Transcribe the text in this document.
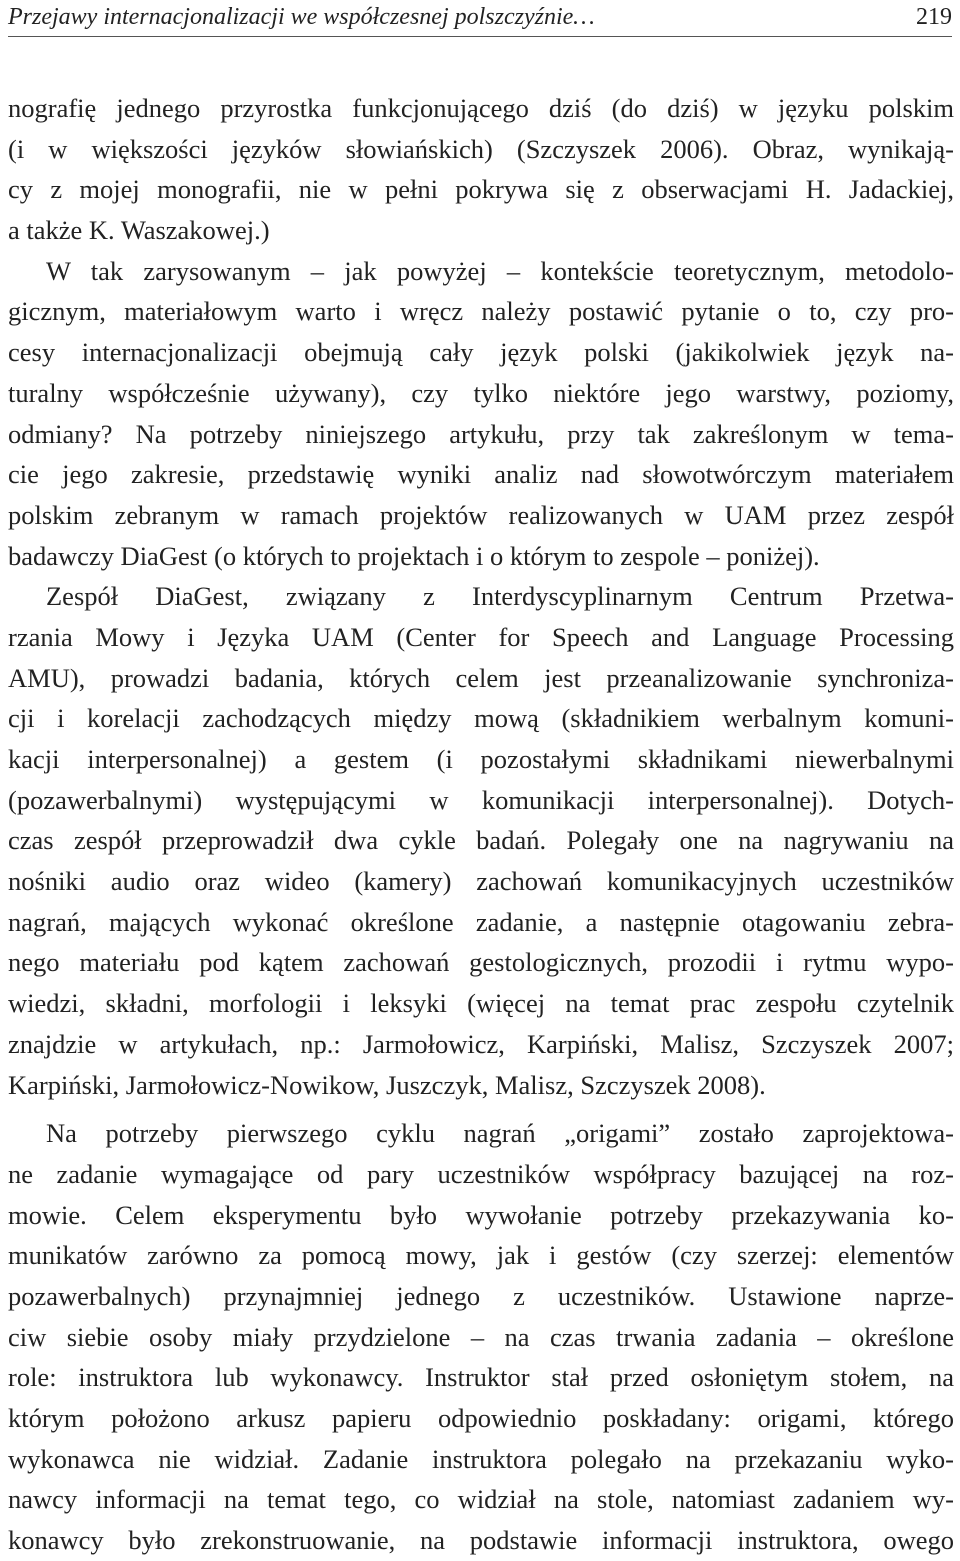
Przejawy internacjonalizacji we współczesnej polszczyźnie…	219
nografię jednego przyrostka funkcjonującego dziś (do dziś) w języku polskim
(i w większości języków słowiańskich) (Szczyszek 2006). Obraz, wynikają-
cy z mojej monografii, nie w pełni pokrywa się z obserwacjami H. Jadackiej,
a także K. Waszakowej.)
W tak zarysowanym – jak powyżej – kontekście teoretycznym, metodolo-
gicznym, materiałowym warto i wręcz należy postawić pytanie o to, czy pro-
cesy internacjonalizacji obejmują cały język polski (jakikolwiek język na-
turalny współcześnie używany), czy tylko niektóre jego warstwy, poziomy,
odmiany? Na potrzeby niniejszego artykułu, przy tak zakreślonym w tema-
cie jego zakresie, przedstawię wyniki analiz nad słowotwórczym materiałem
polskim zebranym w ramach projektów realizowanych w UAM przez zespół
badawczy DiaGest (o których to projektach i o którym to zespole – poniżej).
Zespół DiaGest, związany z Interdyscyplinarnym Centrum Przetwa-
rzania Mowy i Języka UAM (Center for Speech and Language Processing
AMU), prowadzi badania, których celem jest przeanalizowanie synchroniza-
cji i korelacji zachodzących między mową (składnikiem werbalnym komuni-
kacji interpersonalnej) a gestem (i pozostałymi składnikami niewerbalnymi
(pozawerbalnymi) występującymi w komunikacji interpersonalnej). Dotych-
czas zespół przeprowadził dwa cykle badań. Polegały one na nagrywaniu na
nośniki audio oraz wideo (kamery) zachowań komunikacyjnych uczestników
nagrań, mających wykonać określone zadanie, a następnie otagowaniu zebra-
nego materiału pod kątem zachowań gestologicznych, prozodii i rytmu wypo-
wiedzi, składni, morfologii i leksyki (więcej na temat prac zespołu czytelnik
znajdzie w artykułach, np.: Jarmołowicz, Karpiński, Malisz, Szczyszek 2007;
Karpiński, Jarmołowicz-Nowikow, Juszczyk, Malisz, Szczyszek 2008).
Na potrzeby pierwszego cyklu nagrań „origami” zostało zaprojektowa-
ne zadanie wymagające od pary uczestników współpracy bazującej na roz-
mowie. Celem eksperymentu było wywołanie potrzeby przekazywania ko-
munikatów zarówno za pomocą mowy, jak i gestów (czy szerzej: elementów
pozawerbalnych) przynajmniej jednego z uczestników. Ustawione naprze-
ciw siebie osoby miały przydzielone – na czas trwania zadania – określone
role: instruktora lub wykonawcy. Instruktor stał przed osłoniętym stołem, na
którym położono arkusz papieru odpowiednio poskładany: origami, którego
wykonawca nie widział. Zadanie instruktora polegało na przekazaniu wyko-
nawcy informacji na temat tego, co widział na stole, natomiast zadaniem wy-
konawcy było zrekonstruowanie, na podstawie informacji instruktora, owego
